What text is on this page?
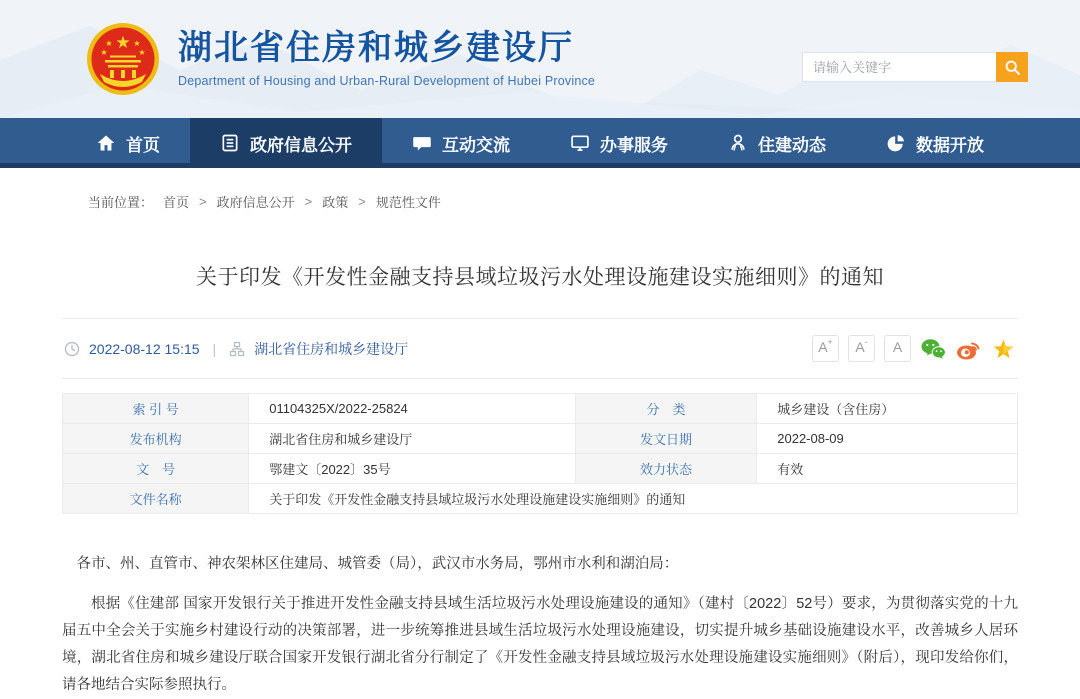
★
★	★
★	★ 湖北省住房和城乡建设厅
Department of Housing and Urban-Rural Development of Hubei Province
请输入关键字
首页	政府信息公开	互动交流	办事服务	住建动态	数据开放
当前位置： 首页 > 政府信息公开 > 政策 > 规范性文件
关于印发《开发性金融支持县域垃圾污水处理设施建设实施细则》的通知
2022-08-12 15:15 |	湖北省住房和城乡建设厅	A + A - A
索 引 号	01104325X/2022-25824	分　类	城乡建设（含住房）
发布机构	湖北省住房和城乡建设厅	发文日期	2022-08-09
文　号	鄂建文〔2022〕35号	效力状态	有效
文件名称	关于印发《开发性金融支持县域垃圾污水处理设施建设实施细则》的通知		

各市、州、直管市、神农架林区住建局、城管委（局），武汉市水务局，鄂州市水利和湖泊局：

根据《住建部 国家开发银行关于推进开发性金融支持县域生活垃圾污水处理设施建设的通知》（建村〔2022〕52号）要求，为贯彻落实党的十九届五中全会关于实施乡村建设行动的决策部署，进一步统筹推进县域生活垃圾污水处理设施建设，切实提升城乡基础设施建设水平，改善城乡人居环境，湖北省住房和城乡建设厅联合国家开发银行湖北省分行制定了《开发性金融支持县域垃圾污水处理设施建设实施细则》（附后），现印发给你们，请各地结合实际参照执行。
